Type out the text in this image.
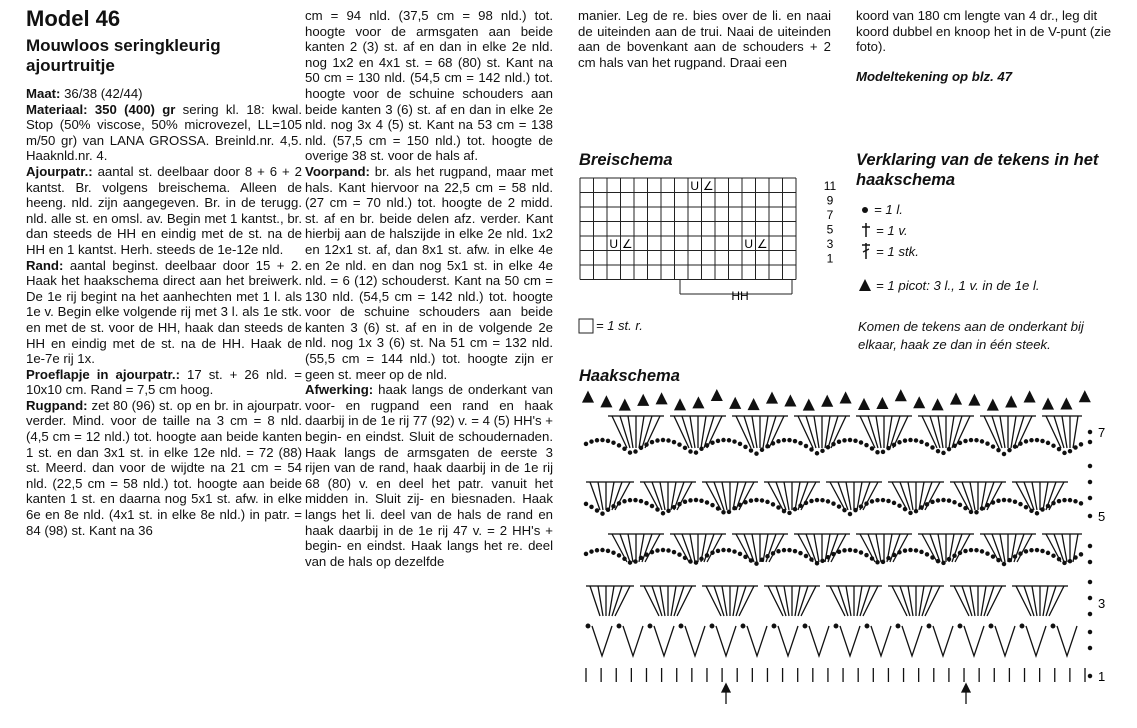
Model 46

Mouwloos seringkleurig ajourtruitje

Maat: 36/38 (42/44)

Materiaal: 350 (400) gr sering kl. 18: kwal. Stop (50% viscose, 50% microvezel, LL=105 m/50 gr) van LANA GROSSA. Breinld.nr. 4,5. Haaknld.nr. 4.

Ajourpatr.: aantal st. deelbaar door 8 + 6 + 2 kantst. Br. volgens breischema. Alleen de heeng. nld. zijn aangegeven. Br. in de terugg. nld. alle st. en omsl. av. Begin met 1 kantst., br. dan steeds de HH en eindig met de st. na de HH en 1 kantst. Herh. steeds de 1e-12e nld.

Rand: aantal beginst. deelbaar door 15 + 2. Haak het haakschema direct aan het breiwerk. De 1e rij begint na het aanhechten met 1 l. als 1e v. Begin elke volgende rij met 3 l. als 1e stk. en met de st. voor de HH, haak dan steeds de HH en eindig met de st. na de HH. Haak de 1e-7e rij 1x.

Proeflapje in ajourpatr.: 17 st. + 26 nld. = 10x10 cm. Rand = 7,5 cm hoog.

Rugpand: zet 80 (96) st. op en br. in ajourpatr. verder. Mind. voor de taille na 3 cm = 8 nld. (4,5 cm = 12 nld.) tot. hoogte aan beide kanten 1 st. en dan 3x1 st. in elke 12e nld. = 72 (88) st. Meerd. dan voor de wijdte na 21 cm = 54 nld. (22,5 cm = 58 nld.) tot. hoogte aan beide kanten 1 st. en daarna nog 5x1 st. afw. in elke 6e en 8e nld. (4x1 st. in elke 8e nld.) in patr. = 84 (98) st. Kant na 36

cm = 94 nld. (37,5 cm = 98 nld.) tot. hoogte voor de armsgaten aan beide kanten 2 (3) st. af en dan in elke 2e nld. nog 1x2 en 4x1 st. = 68 (80) st. Kant na 50 cm = 130 nld. (54,5 cm = 142 nld.) tot. hoogte voor de schuine schouders aan beide kanten 3 (6) st. af en dan in elke 2e nld. nog 3x 4 (5) st. Kant na 53 cm = 138 nld. (57,5 cm = 150 nld.) tot. hoogte de overige 38 st. voor de hals af.

Voorpand: br. als het rugpand, maar met hals. Kant hiervoor na 22,5 cm = 58 nld. (27 cm = 70 nld.) tot. hoogte de 2 midd. st. af en br. beide delen afz. verder. Kant hierbij aan de halszijde in elke 2e nld. 1x2 en 12x1 st. af, dan 8x1 st. afw. in elke 4e en 2e nld. en dan nog 5x1 st. in elke 4e nld. = 6 (12) schouderst. Kant na 50 cm = 130 nld. (54,5 cm = 142 nld.) tot. hoogte voor de schuine schouders aan beide kanten 3 (6) st. af en in de volgende 2e nld. nog 1x 3 (6) st. Na 51 cm = 132 nld. (55,5 cm = 144 nld.) tot. hoogte zijn er geen st. meer op de nld.

Afwerking: haak langs de onderkant van voor- en rugpand een rand en haak daarbij in de 1e rij 77 (92) v. = 4 (5) HH's + begin- en eindst. Sluit de schoudernaden. Haak langs de armsgaten de eerste 3 rijen van de rand, haak daarbij in de 1e rij 68 (80) v. en deel het patr. vanuit het midden in. Sluit zij- en biesnaden. Haak langs het li. deel van de hals de rand en haak daarbij in de 1e rij 47 v. = 2 HH's + begin- en eindst. Haak langs het re. deel van de hals op dezelfde

manier. Leg de re. bies over de li. en naai de uiteinden aan de trui. Naai de uiteinden aan de bovenkant aan de schouders + 2 cm hals van het rugpand. Draai een

Breischema
U ∠
U ∠	U ∠
11
9
7
5
3
1
HH
= 1 st. r.
Haakschema
7
5
3
1

koord van 180 cm lengte van 4 dr., leg dit koord dubbel en knoop het in de V-punt (zie foto).

Modeltekening op blz. 47

Verklaring van de tekens in het haakschema
= 1 l.
= 1 v.
= 1 stk.
= 1 picot: 3 l., 1 v. in de 1e l.
Komen de tekens aan de onderkant bij elkaar, haak ze dan in één steek.
